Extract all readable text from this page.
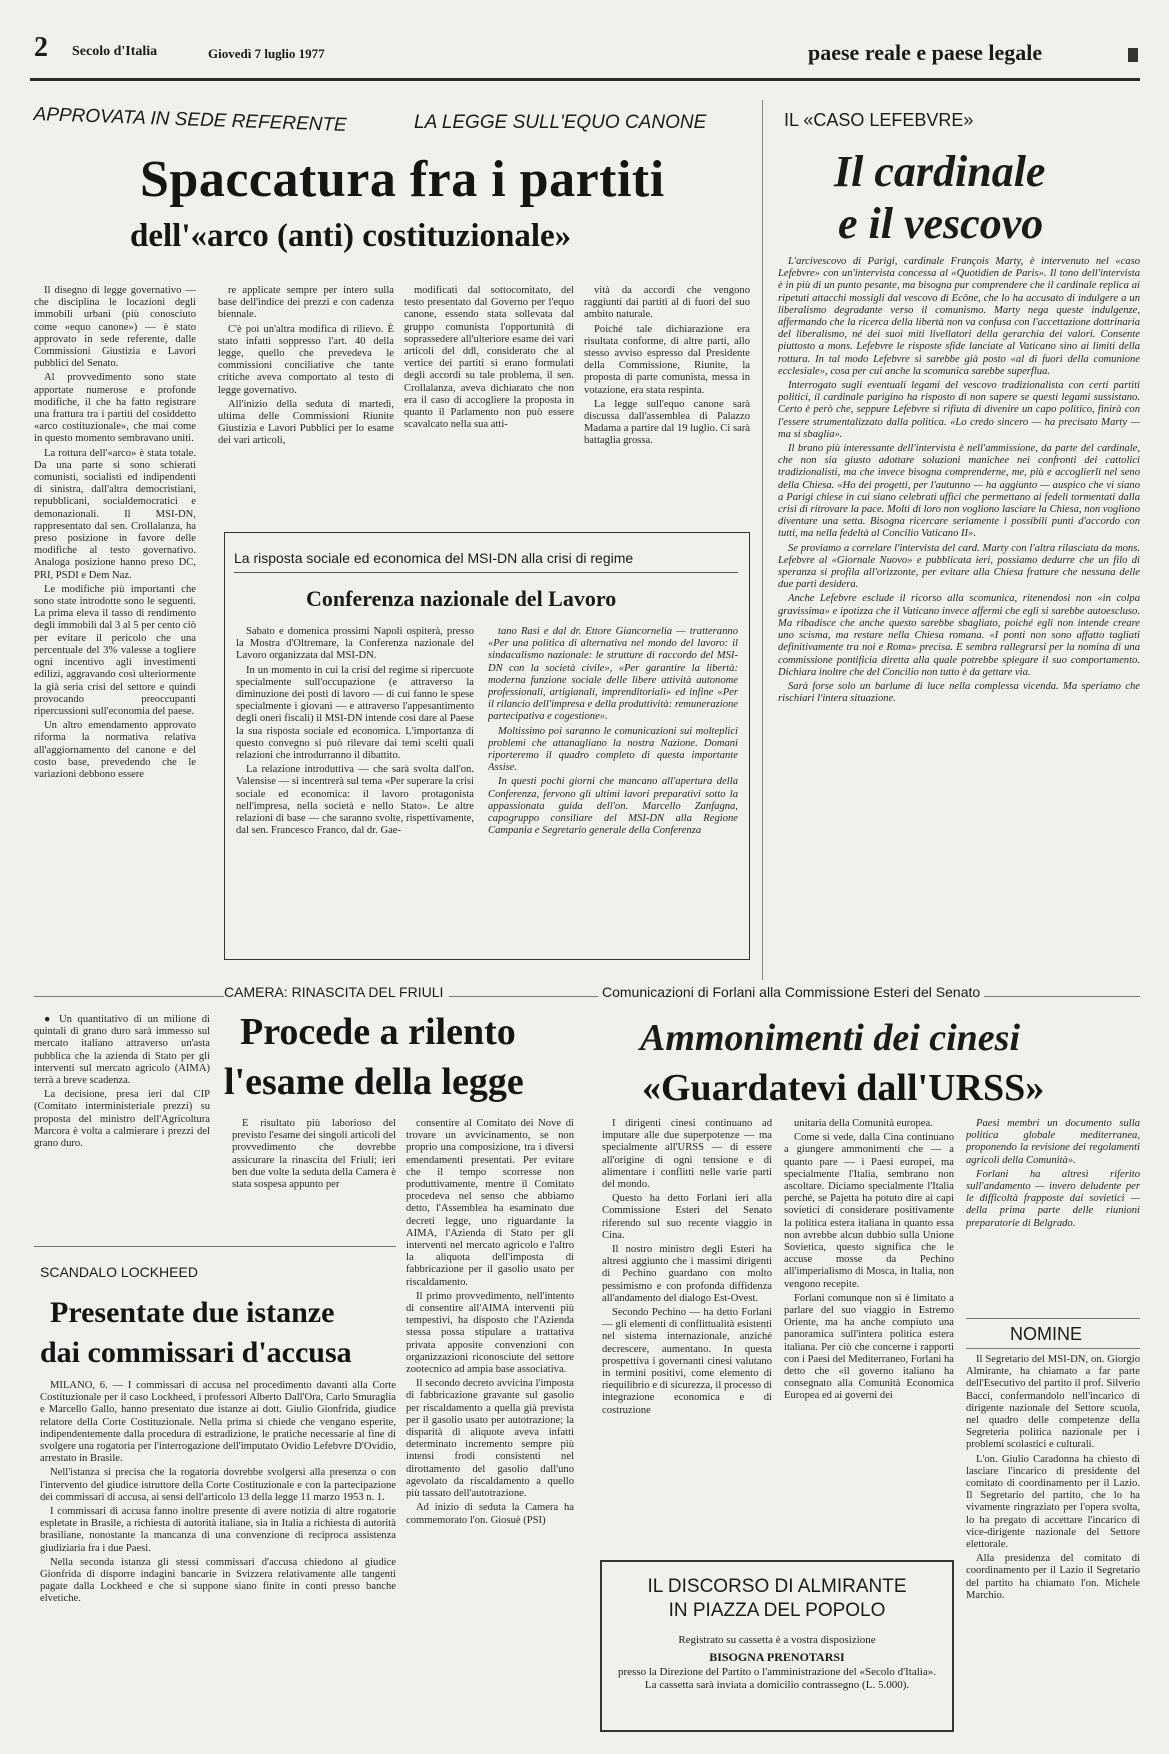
2 Secolo d'Italia	Giovedì 7 luglio 1977	paese reale e paese legale
APPROVATA IN SEDE REFERENTE	LA LEGGE SULL'EQUO CANONE
Spaccatura fra i partiti
dell'«arco (anti) costituzionale»

Il disegno di legge governativo — che disciplina le locazioni degli immobili urbani (più conosciuto come «equo canone») — è stato approvato in sede referente, dalle Commissioni Giustizia e Lavori pubblici del Senato.

Al provvedimento sono state apportate numerose e profonde modifiche, il che ha fatto registrare una frattura tra i partiti del cosiddetto «arco costituzionale», che mai come in questo momento sembravano uniti.

La rottura dell'«arco» è stata totale. Da una parte si sono schierati comunisti, socialisti ed indipendenti di sinistra, dall'altra democristiani, repubblicani, socialdemocratici e demonazionali. Il MSI-DN, rappresentato dal sen. Crollalanza, ha preso posizione in favore delle modifiche al testo governativo. Analoga posizione hanno preso DC, PRI, PSDI e Dem Naz.

Le modifiche più importanti che sono state introdotte sono le seguenti. La prima eleva il tasso di rendimento degli immobili dal 3 al 5 per cento ciò per evitare il pericolo che una percentuale del 3% valesse a togliere ogni incentivo agli investimenti edilizi, aggravando così ulteriormente la già seria crisi del settore e quindi provocando preoccupanti ripercussioni sull'economia del paese.

Un altro emendamento approvato riforma la normativa relativa all'aggiornamento del canone e del costo base, prevedendo che le variazioni debbono essere

re applicate sempre per intero sulla base dell'indice dei prezzi e con cadenza biennale.

C'è poi un'altra modifica di rilievo. È stato infatti soppresso l'art. 40 della legge, quello che prevedeva le commissioni conciliative che tante critiche aveva comportato al testo di legge governativo.

All'inizio della seduta di martedì, ultima delle Commissioni Riunite Giustizia e Lavori Pubblici per lo esame dei vari articoli,

modificati dal sottocomitato, del testo presentato dal Governo per l'equo canone, essendo stata sollevata dal gruppo comunista l'opportunità di soprassedere all'ulteriore esame dei vari articoli del ddl, considerato che al vertice dei partiti si erano formulati degli accordi su tale problema, il sen. Crollalanza, aveva dichiarato che non era il caso di accogliere la proposta in quanto il Parlamento non può essere scavalcato nella sua atti-

vità da accordi che vengono raggiunti dai partiti al di fuori del suo ambito naturale.

Poiché tale dichiarazione era risultata conforme, di altre parti, allo stesso avviso espresso dal Presidente della Commissione, Riunite, la proposta di parte comunista, messa in votazione, era stata respinta.

La legge sull'equo canone sarà discussa dall'assemblea di Palazzo Madama a partire dal 19 luglio. Ci sarà battaglia grossa.

IL «CASO LEFEBVRE»
Il cardinale
e il vescovo

L'arcivescovo di Parigi, cardinale François Marty, è intervenuto nel «caso Lefebvre» con un'intervista concessa al «Quotidien de Paris». Il tono dell'intervista è in più di un punto pesante, ma bisogna pur comprendere che il cardinale replica ai ripetuti attacchi mossigli dal vescovo di Ecône, che lo ha accusato di indulgere a un liberalismo degradante verso il comunismo. Marty nega queste indulgenze, affermando che la ricerca della libertà non va confusa con l'accettazione dottrinaria del liberalismo, né dei suoi miti livellatori della gerarchia dei valori. Consente piuttosto a mons. Lefebvre le risposte sfide lanciate al Vaticano sino ai limiti della rottura. In tal modo Lefebvre si sarebbe già posto «al di fuori della comunione ecclesiale», cosa per cui anche la scomunica sarebbe superflua.

Interrogato sugli eventuali legami del vescovo tradizionalista con certi partiti politici, il cardinale parigino ha risposto di non sapere se questi legami sussistano. Certo è però che, seppure Lefebvre si rifiuta di divenire un capo politico, finirà con l'essere strumentalizzato dalla politica. «Lo credo sincero — ha precisato Marty — ma si sbaglia».

Il brano più interessante dell'intervista è nell'ammissione, da parte del cardinale, che non sia giusto adottare soluzioni manichee nei confronti dei cattolici tradizionalisti, ma che invece bisogna comprenderne, me, più e accoglierli nel seno della Chiesa. «Ho dei progetti, per l'autunno — ha aggiunto — auspico che vi siano a Parigi chiese in cui siano celebrati uffici che permettano ai fedeli tormentati dalla crisi di ritrovare la pace. Molti di loro non vogliono lasciare la Chiesa, non vogliono diventare una setta. Bisogna ricercare seriamente i possibili punti d'accordo con tutti, ma nella fedeltà al Concilio Vaticano II».

Se proviamo a correlare l'intervista del card. Marty con l'altra rilasciata da mons. Lefebvre al «Giornale Nuovo» e pubblicata ieri, possiamo dedurre che un filo di speranza si profila all'orizzonte, per evitare alla Chiesa fratture che nessuna delle due parti desidera.

Anche Lefebvre esclude il ricorso alla scomunica, ritenendosi non «in colpa gravissima» e ipotizza che il Vaticano invece affermi che egli si sarebbe autoescluso. Ma ribadisce che anche questo sarebbe sbagliato, poiché egli non intende creare uno scisma, ma restare nella Chiesa romana. «I ponti non sono affatto tagliati definitivamente tra noi e Roma» precisa. E sembra rallegrarsi per la nomina di una commissione pontificia diretta alla quale potrebbe spiegare il suo comportamento. Dichiara inoltre che del Concilio non tutto è da gettare via.

Sarà forse solo un barlume di luce nella complessa vicenda. Ma speriamo che rischiari l'intera situazione.

La risposta sociale ed economica del MSI-DN alla crisi di regime
Conferenza nazionale del Lavoro

Sabato e domenica prossimi Napoli ospiterà, presso la Mostra d'Oltremare, la Conferenza nazionale del Lavoro organizzata dal MSI-DN.

In un momento in cui la crisi del regime si ripercuote specialmente sull'occupazione (e attraverso la diminuzione dei posti di lavoro — di cui fanno le spese specialmente i giovani — e attraverso l'appesantimento degli oneri fiscali) il MSI-DN intende così dare al Paese la sua risposta sociale ed economica. L'importanza di questo convegno si può rilevare dai temi scelti quali relazioni che introdurranno il dibattito.

La relazione introduttiva — che sarà svolta dall'on. Valensise — si incentrerà sul tema «Per superare la crisi sociale ed economica: il lavoro protagonista nell'impresa, nella società e nello Stato». Le altre relazioni di base — che saranno svolte, rispettivamente, dal sen. Francesco Franco, dal dr. Gae-

tano Rasi e dal dr. Ettore Giancornelia — tratteranno «Per una politica di alternativa nel mondo del lavoro: il sindacalismo nazionale: le strutture di raccordo del MSI-DN con la società civile», «Per garantire la libertà: moderna funzione sociale delle libere attività autonome professionali, artigianali, imprenditoriali» ed infine «Per il rilancio dell'impresa e della produttività: remunerazione partecipativa e cogestione».

Moltissimo poi saranno le comunicazioni sui molteplici problemi che attanagliano la nostra Nazione. Domani riporteremo il quadro completo di questa importante Assise.

In questi pochi giorni che mancano all'apertura della Conferenza, fervono gli ultimi lavori preparativi sotto la appassionata guida dell'on. Marcello Zanfagna, capogruppo consiliare del MSI-DN alla Regione Campania e Segretario generale della Conferenza

● Un quantitativo di un milione di quintali di grano duro sarà immesso sul mercato italiano attraverso un'asta pubblica che la azienda di Stato per gli interventi sul mercato agricolo (AIMA) terrà a breve scadenza.

La decisione, presa ieri dal CIP (Comitato interministeriale prezzi) su proposta del ministro dell'Agricoltura Marcora è volta a calmierare i prezzi del grano duro.

CAMERA: RINASCITA DEL FRIULI
Procede a rilento
l'esame della legge

È risultato più laborioso del previsto l'esame dei singoli articoli del provvedimento che dovrebbe assicurare la rinascita del Friuli; ieri ben due volte la seduta della Camera è stata sospesa appunto per

consentire al Comitato dei Nove di trovare un avvicinamento, se non proprio una composizione, tra i diversi emendamenti presentati. Per evitare che il tempo scorresse non produttivamente, mentre il Comitato procedeva nel senso che abbiamo detto, l'Assemblea ha esaminato due decreti legge, uno riguardante la AIMA, l'Azienda di Stato per gli interventi nel mercato agricolo e l'altro la aliquota dell'imposta di fabbricazione per il gasolio usato per riscaldamento.

Il primo provvedimento, nell'intento di consentire all'AIMA interventi più tempestivi, ha disposto che l'Azienda stessa possa stipulare a trattativa privata apposite convenzioni con organizzazioni riconosciute del settore zootecnico ad ampia base associativa.

Il secondo decreto avvicina l'imposta di fabbricazione gravante sul gasolio per riscaldamento a quella già prevista per il gasolio usato per autotrazione; la disparità di aliquote aveva infatti determinato incremento sempre più intensi frodi consistenti nel dirottamento del gasolio dall'uno agevolato da riscaldamento a quello più tassato dell'autotrazione.

Ad inizio di seduta la Camera ha commemorato l'on. Giosuè (PSI)

SCANDALO LOCKHEED
Presentate due istanze
dai commissari d'accusa

MILANO, 6. — I commissari di accusa nel procedimento davanti alla Corte Costituzionale per il caso Lockheed, i professori Alberto Dall'Ora, Carlo Smuraglia e Marcello Gallo, hanno presentato due istanze ai dott. Giulio Gionfrida, giudice relatore della Corte Costituzionale. Nella prima si chiede che vengano esperite, indipendentemente dalla procedura di estradizione, le pratiche necessarie al fine di svolgere una rogatoria per l'interrogazione dell'imputato Ovidio Lefebvre D'Ovidio, arrestato in Brasile.

Nell'istanza si precisa che la rogatoria dovrebbe svolgersi alla presenza o con l'intervento del giudice istruttore della Corte Costituzionale e con la partecipazione dei commissari di accusa, ai sensi dell'articolo 13 della legge 11 marzo 1953 n. 1.

I commissari di accusa fanno inoltre presente di avere notizia di altre rogatorie espletate in Brasile, a richiesta di autorità italiane, sia in Italia a richiesta di autorità brasiliane, nonostante la mancanza di una convenzione di reciproca assistenza giudiziaria fra i due Paesi.

Nella seconda istanza gli stessi commissari d'accusa chiedono al giudice Gionfrida di disporre indagini bancarie in Svizzera relativamente alle tangenti pagate dalla Lockheed e che si suppone siano finite in conti presso banche elvetiche.

Comunicazioni di Forlani alla Commissione Esteri del Senato
Ammonimenti dei cinesi
«Guardatevi dall'URSS»

I dirigenti cinesi continuano ad imputare alle due superpotenze — ma specialmente all'URSS — di essere all'origine di ogni tensione e di alimentare i conflitti nelle varie parti del mondo.

Questo ha detto Forlani ieri alla Commissione Esteri del Senato riferendo sul suo recente viaggio in Cina.

Il nostro ministro degli Esteri ha altresì aggiunto che i massimi dirigenti di Pechino guardano con molto pessimismo e con profonda diffidenza all'andamento del dialogo Est-Ovest.

Secondo Pechino — ha detto Forlani — gli elementi di conflittualità esistenti nel sistema internazionale, anziché decrescere, aumentano. In questa prospettiva i governanti cinesi valutano in termini positivi, come elemento di riequilibrio e di sicurezza, il processo di integrazione economica e di costruzione

unitaria della Comunità europea.

Come si vede, dalla Cina continuano a giungere ammonimenti che — a quanto pare — i Paesi europei, ma specialmente l'Italia, sembrano non ascoltare. Diciamo specialmente l'Italia perché, se Pajetta ha potuto dire ai capi sovietici di considerare positivamente la politica estera italiana in quanto essa non avrebbe alcun dubbio sulla Unione Sovietica, questo significa che le accuse mosse da Pechino all'imperialismo di Mosca, in Italia, non vengono recepite.

Forlani comunque non si è limitato a parlare del suo viaggio in Estremo Oriente, ma ha anche compiuto una panoramica sull'intera politica estera italiana. Per ciò che concerne i rapporti con i Paesi del Mediterraneo, Forlani ha detto che «il governo italiano ha consegnato alla Comunità Economica Europea ed ai governi dei

Paesi membri un documento sulla politica globale mediterranea, proponendo la revisione dei regolamenti agricoli della Comunità».

Forlani ha altresì riferito sull'andamento — invero deludente per le difficoltà frapposte dai sovietici — della prima parte delle riunioni preparatorie di Belgrado.

NOMINE

Il Segretario del MSI-DN, on. Giorgio Almirante, ha chiamato a far parte dell'Esecutivo del partito il prof. Silverio Bacci, confermandolo nell'incarico di dirigente nazionale del Settore scuola, nel quadro delle competenze della Segreteria politica nazionale per i problemi scolastici e culturali.

L'on. Giulio Caradonna ha chiesto di lasciare l'incarico di presidente del comitato di coordinamento per il Lazio. Il Segretario del partito, che lo ha vivamente ringraziato per l'opera svolta, lo ha pregato di accettare l'incarico di vice-dirigente nazionale del Settore elettorale.

Alla presidenza del comitato di coordinamento per il Lazio il Segretario del partito ha chiamato l'on. Michele Marchio.

IL DISCORSO DI ALMIRANTE
IN PIAZZA DEL POPOLO
Registrato su cassetta è a vostra disposizione
BISOGNA PRENOTARSI
presso la Direzione del Partito o l'amministrazione del «Secolo d'Italia». La cassetta sarà inviata a domicilio contrassegno (L. 5.000).
